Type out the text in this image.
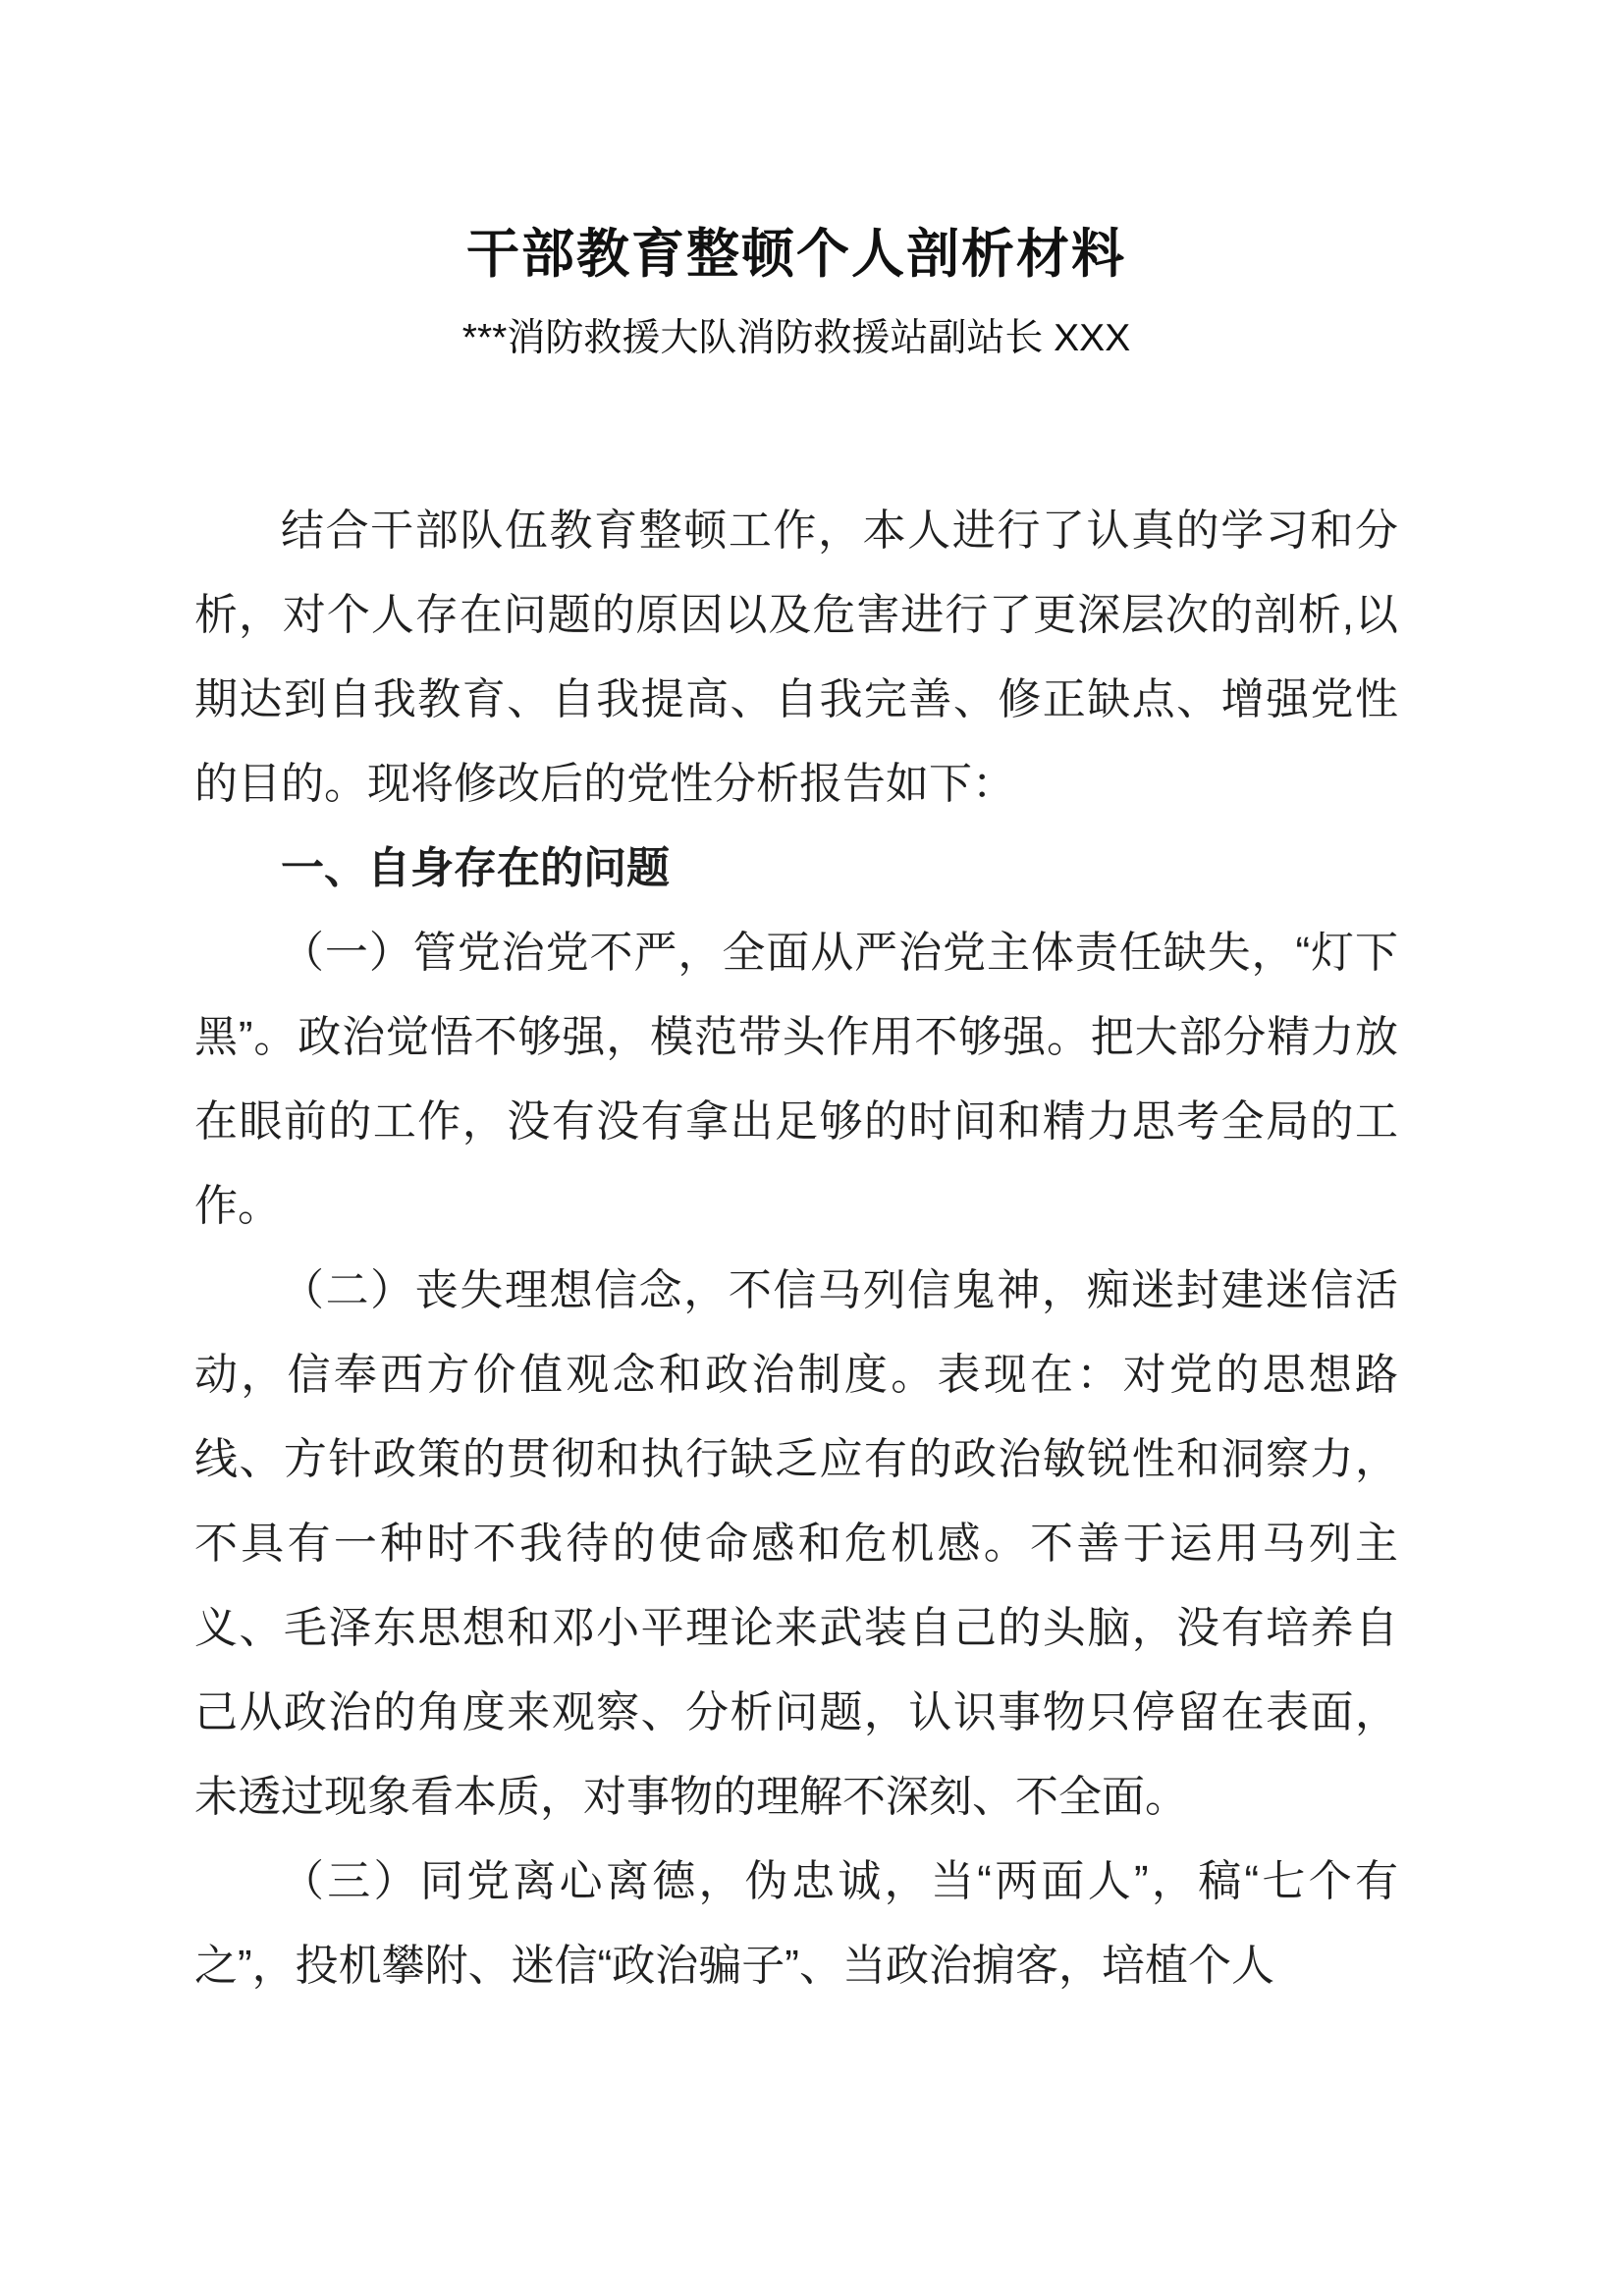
干部教育整顿个人剖析材料
***消防救援大队消防救援站副站长 XXX

结合干部队伍教育整顿工作，本人进行了认真的学习和分析，对个人存在问题的原因以及危害进行了更深层次的剖析,以期达到自我教育、自我提高、自我完善、修正缺点、增强党性的目的。现将修改后的党性分析报告如下：

一、自身存在的问题

（一）管党治党不严，全面从严治党主体责任缺失，“灯下黑”。政治觉悟不够强，模范带头作用不够强。把大部分精力放在眼前的工作，没有没有拿出足够的时间和精力思考全局的工作。

（二）丧失理想信念，不信马列信鬼神，痴迷封建迷信活动，信奉西方价值观念和政治制度。表现在：对党的思想路线、方针政策的贯彻和执行缺乏应有的政治敏锐性和洞察力，不具有一种时不我待的使命感和危机感。不善于运用马列主义、毛泽东思想和邓小平理论来武装自己的头脑，没有培养自己从政治的角度来观察、分析问题，认识事物只停留在表面，未透过现象看本质，对事物的理解不深刻、不全面。

（三）同党离心离德，伪忠诚，当“两面人”，稿“七个有之”，投机攀附、迷信“政治骗子”、当政治掮客，培植个人
